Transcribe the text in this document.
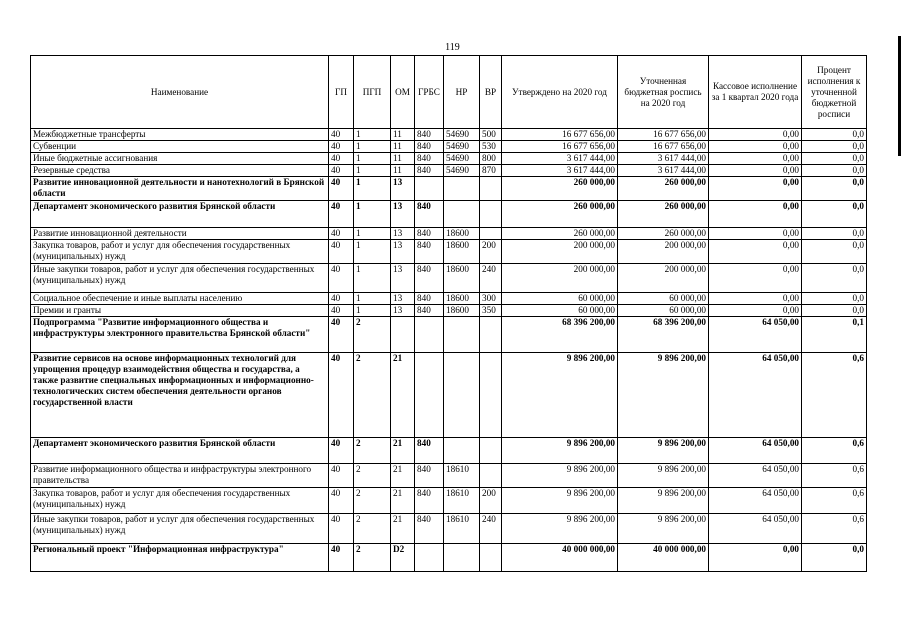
119
Наименование	ГП	ПГП	ОМ	ГРБС	НР	ВР	Утверждено на 2020 год	Уточненная бюджетная роспись на 2020 год	Кассовое исполнение за 1 квартал 2020 года	Процент исполнения к уточненной бюджетной росписи
Межбюджетные трансферты	40	1	11	840	54690	500	16 677 656,00	16 677 656,00	0,00	0,0
Субвенции	40	1	11	840	54690	530	16 677 656,00	16 677 656,00	0,00	0,0
Иные бюджетные ассигнования	40	1	11	840	54690	800	3 617 444,00	3 617 444,00	0,00	0,0
Резервные средства	40	1	11	840	54690	870	3 617 444,00	3 617 444,00	0,00	0,0
Развитие инновационной деятельности и нанотехнологий в Брянской области	40	1	13				260 000,00	260 000,00	0,00	0,0
Департамент экономического развития Брянской области	40	1	13	840			260 000,00	260 000,00	0,00	0,0
Развитие инновационной деятельности	40	1	13	840	18600		260 000,00	260 000,00	0,00	0,0
Закупка товаров, работ и услуг для обеспечения государственных (муниципальных) нужд	40	1	13	840	18600	200	200 000,00	200 000,00	0,00	0,0
Иные закупки товаров, работ и услуг для обеспечения государственных (муниципальных) нужд	40	1	13	840	18600	240	200 000,00	200 000,00	0,00	0,0
Социальное обеспечение и иные выплаты населению	40	1	13	840	18600	300	60 000,00	60 000,00	0,00	0,0
Премии и гранты	40	1	13	840	18600	350	60 000,00	60 000,00	0,00	0,0
Подпрограмма "Развитие информационного общества и инфраструктуры электронного правительства Брянской области"	40	2					68 396 200,00	68 396 200,00	64 050,00	0,1
Развитие сервисов на основе информационных технологий для упрощения процедур взаимодействия общества и государства, а также развитие специальных информационных и информационно-технологических систем обеспечения деятельности органов государственной власти	40	2	21				9 896 200,00	9 896 200,00	64 050,00	0,6
Департамент экономического развития Брянской области	40	2	21	840			9 896 200,00	9 896 200,00	64 050,00	0,6
Развитие информационного общества и инфраструктуры электронного правительства	40	2	21	840	18610		9 896 200,00	9 896 200,00	64 050,00	0,6
Закупка товаров, работ и услуг для обеспечения государственных (муниципальных) нужд	40	2	21	840	18610	200	9 896 200,00	9 896 200,00	64 050,00	0,6
Иные закупки товаров, работ и услуг для обеспечения государственных (муниципальных) нужд	40	2	21	840	18610	240	9 896 200,00	9 896 200,00	64 050,00	0,6
Региональный проект "Информационная инфраструктура"	40	2	D2				40 000 000,00	40 000 000,00	0,00	0,0
